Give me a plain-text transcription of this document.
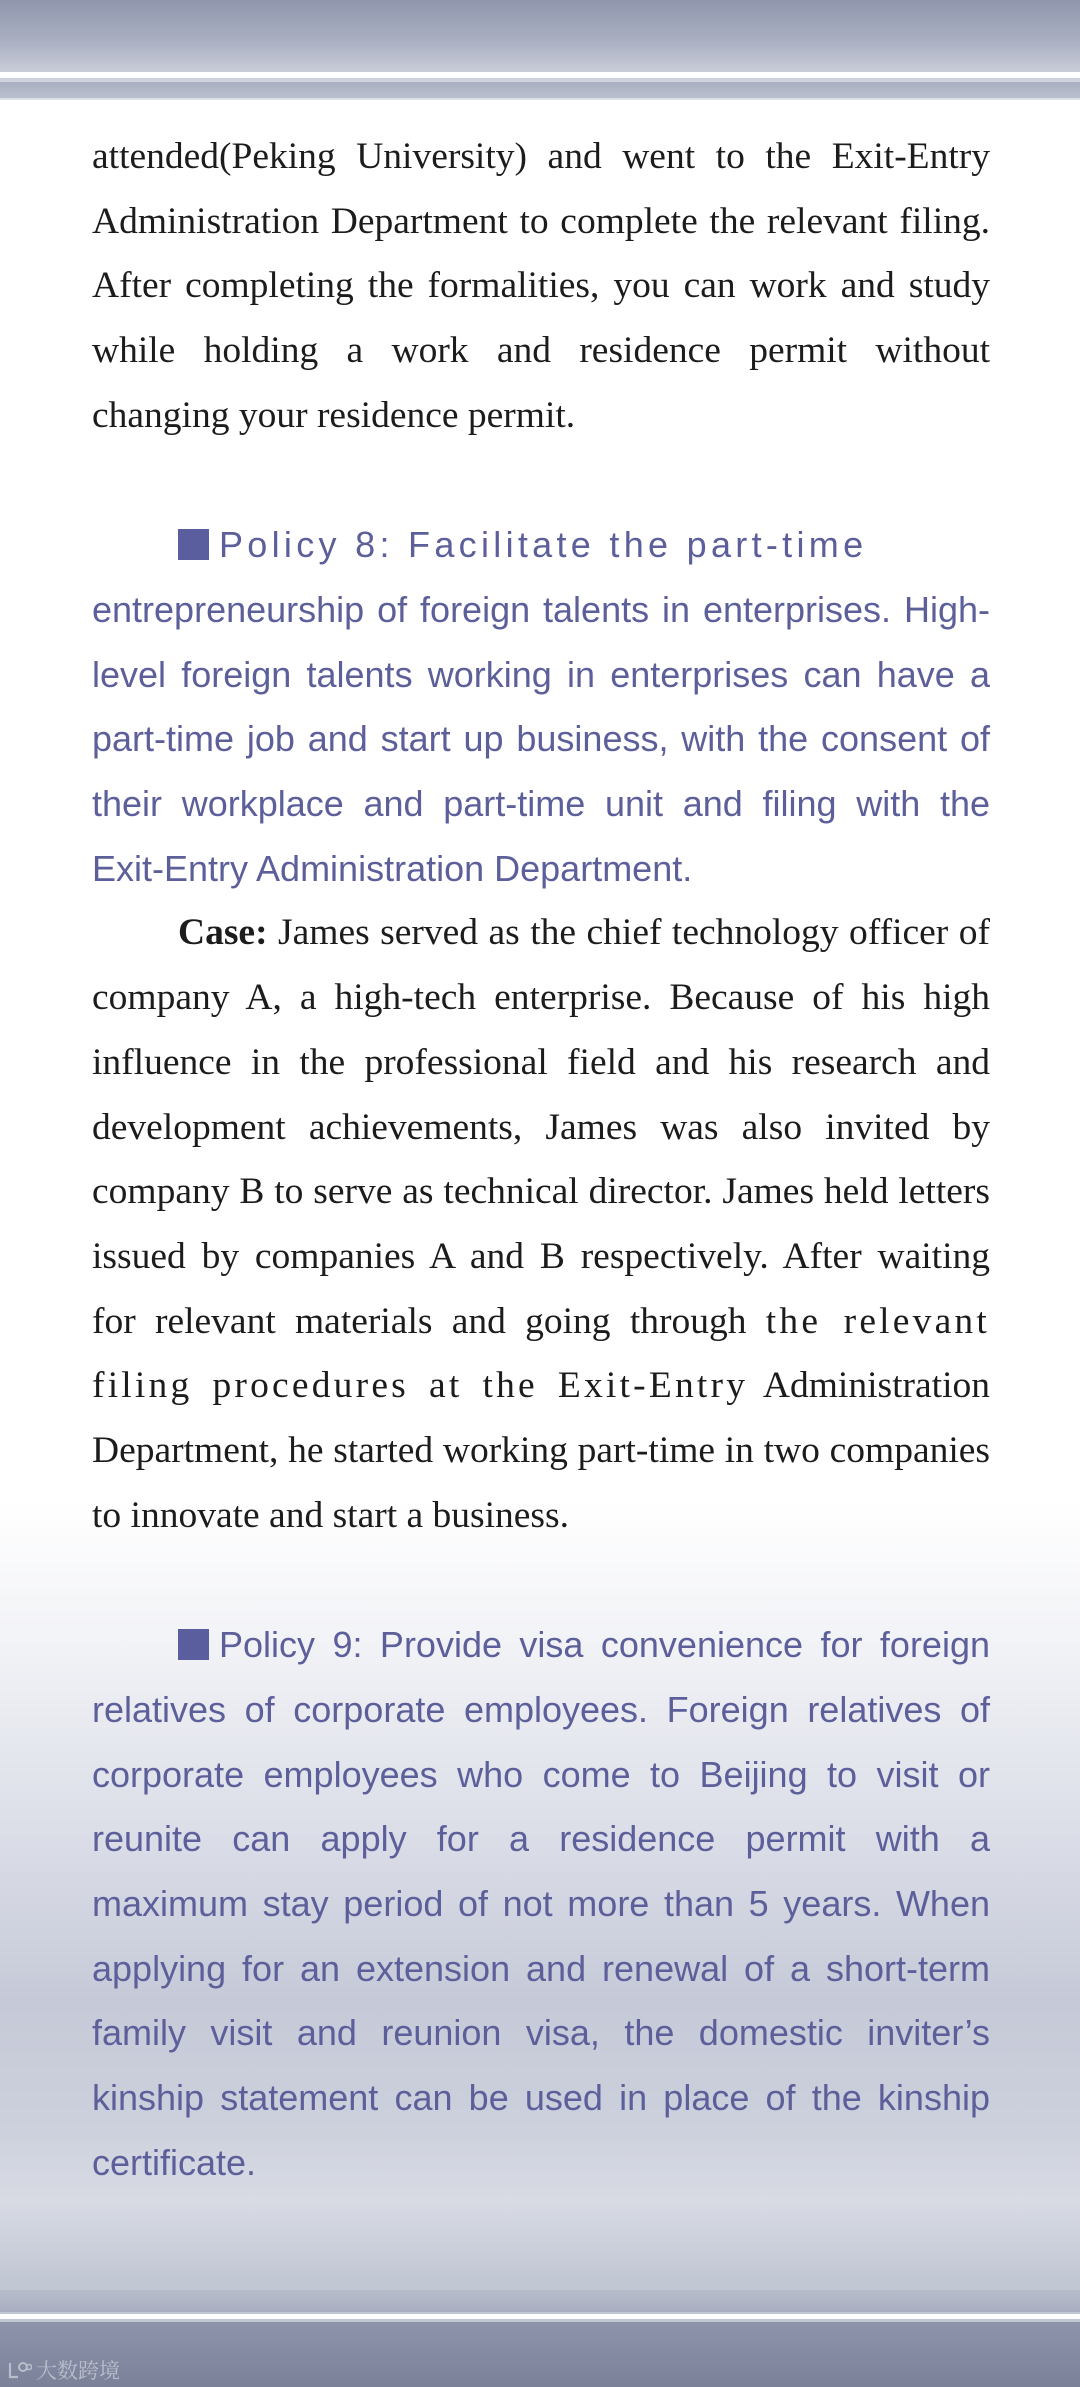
attended(Peking University) and went to the Exit-Entry Administration Department to complete the relevant filing. After completing the formalities, you can work and study while holding a work and residence permit without changing your residence permit.

Policy 8: Facilitate the part-time

entrepreneurship of foreign talents in enterprises. High-level foreign talents working in enterprises can have a part-time job and start up business, with the consent of their workplace and part-time unit and filing with the Exit-Entry Administration Department.

Case: James served as the chief technology officer of company A, a high-tech enterprise. Because of his high influence in the professional field and his research and development achievements, James was also invited by company B to serve as technical director. James held letters issued by companies A and B respectively. After waiting for relevant materials and going through the relevant filing procedures at the Exit-Entry Administration Department, he started working part-time in two companies to innovate and start a business.

Policy 9: Provide visa convenience for foreign relatives of corporate employees. Foreign relatives of corporate employees who come to Beijing to visit or reunite can apply for a residence permit with a maximum stay period of not more than 5 years. When applying for an extension and renewal of a short-term family visit and reunion visa, the domestic inviter’s kinship statement can be used in place of the kinship certificate.

大数跨境
